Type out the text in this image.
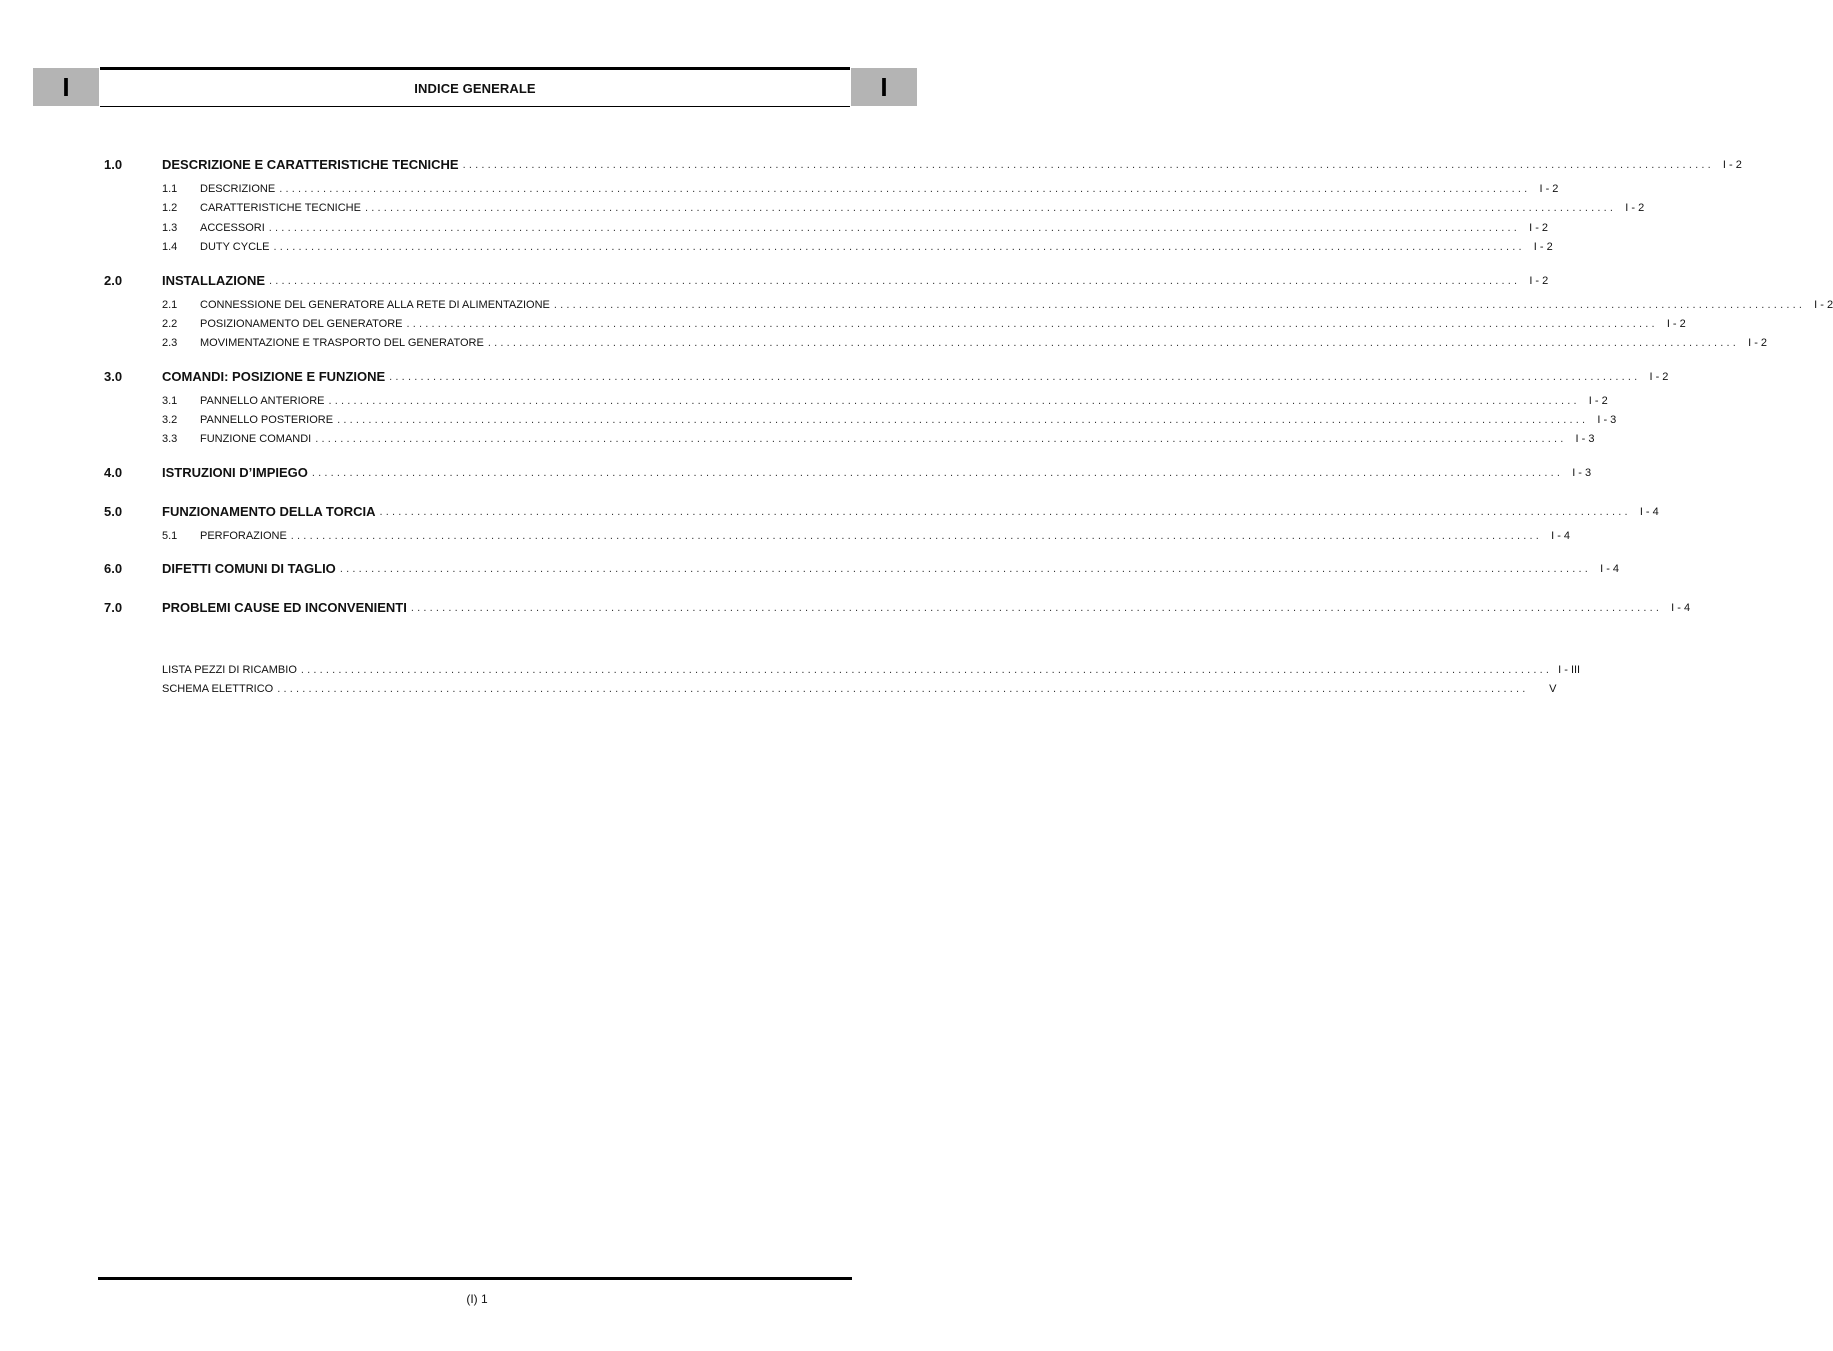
I	INDICE GENERALE	I
1.0	DESCRIZIONE E CARATTERISTICHE TECNICHE ........................................................................................................................................................................................................ I - 2
1.1	DESCRIZIONE ........................................................................................................................................................................................................ I - 2
1.2	CARATTERISTICHE TECNICHE ........................................................................................................................................................................................................ I - 2
1.3	ACCESSORI ........................................................................................................................................................................................................ I - 2
1.4	DUTY CYCLE ........................................................................................................................................................................................................ I - 2
2.0	INSTALLAZIONE ........................................................................................................................................................................................................ I - 2
2.1	CONNESSIONE DEL GENERATORE ALLA RETE DI ALIMENTAZIONE ........................................................................................................................................................................................................ I - 2
2.2	POSIZIONAMENTO DEL GENERATORE ........................................................................................................................................................................................................ I - 2
2.3	MOVIMENTAZIONE E TRASPORTO DEL GENERATORE ........................................................................................................................................................................................................ I - 2
3.0	COMANDI: POSIZIONE E FUNZIONE ........................................................................................................................................................................................................ I - 2
3.1	PANNELLO ANTERIORE ........................................................................................................................................................................................................ I - 2
3.2	PANNELLO POSTERIORE ........................................................................................................................................................................................................ I - 3
3.3	FUNZIONE COMANDI ........................................................................................................................................................................................................ I - 3
4.0	ISTRUZIONI D’IMPIEGO ........................................................................................................................................................................................................ I - 3
5.0	FUNZIONAMENTO DELLA TORCIA ........................................................................................................................................................................................................ I - 4
5.1	PERFORAZIONE ........................................................................................................................................................................................................ I - 4
6.0	DIFETTI COMUNI DI TAGLIO ........................................................................................................................................................................................................ I - 4
7.0	PROBLEMI CAUSE ED INCONVENIENTI ........................................................................................................................................................................................................ I - 4
LISTA PEZZI DI RICAMBIO ........................................................................................................................................................................................................ I - III
SCHEMA ELETTRICO ........................................................................................................................................................................................................	V
(I) 1
